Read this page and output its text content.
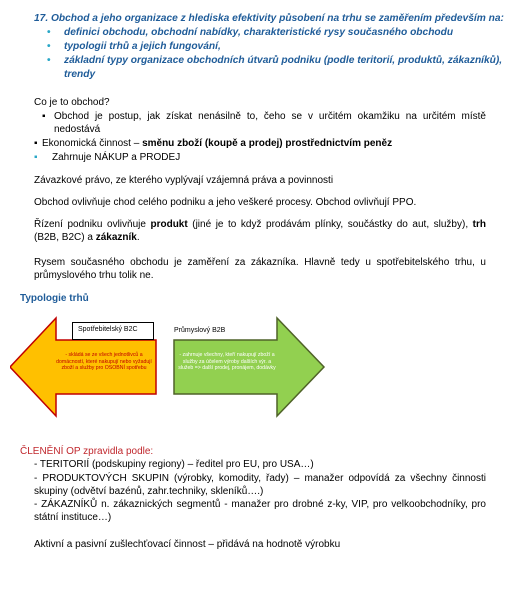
17. Obchod a jeho organizace z hlediska efektivity působení na trhu se zaměřením především na:
• definici obchodu, obchodní nabídky, charakteristické rysy současného obchodu
• typologii trhů a jejich fungování,
• základní typy organizace obchodních útvarů podniku (podle teritorií, produktů, zákazníků), trendy
Co je to obchod?
▪ Obchod je postup, jak získat nenásilně to, čeho se v určitém okamžiku na určitém místě nedostává
▪ Ekonomická činnost – směnu zboží (koupě a prodej) prostřednictvím peněz
▪ Zahrnuje NÁKUP a PRODEJ
Závazkové právo, ze kterého vyplývají vzájemná práva a povinnosti
Obchod ovlivňuje chod celého podniku a jeho veškeré procesy. Obchod ovlivňují PPO.
Řízení podniku ovlivňuje produkt (jiné je to když prodávám plínky, součástky do aut, služby), trh (B2B, B2C) a zákazník.
Rysem současného obchodu je zaměření za zákazníka. Hlavně tedy u spotřebitelského trhu, u průmyslového trhu tolik ne.
Typologie trhů
Spotřebitelský B2C
- skládá se ze všech jednotlivců a domácností, které nakupují nebo vyžadují zboží a služby pro OSOBNÍ spotřebu
Průmyslový B2B
- zahrnuje všechny, kteří nakupují zboží a služby za účelem výroby dalších výr. a služeb => další prodej, pronájem, dodávky
ČLENĚNÍ OP zpravidla podle:
- TERITORIÍ (podskupiny regiony) – ředitel pro EU, pro USA…)
- PRODUKTOVÝCH SKUPIN (výrobky, komodity, řady) – manažer odpovídá za všechny činnosti skupiny (odvětví bazénů, zahr.techniky, skleníků….)
- ZÁKAZNÍKŮ n. zákaznických segmentů - manažer pro drobné z-ky, VIP, pro velkoobchodníky, pro státní instituce…)
Aktivní a pasivní zušlechťovací činnost – přidává na hodnotě výrobku
